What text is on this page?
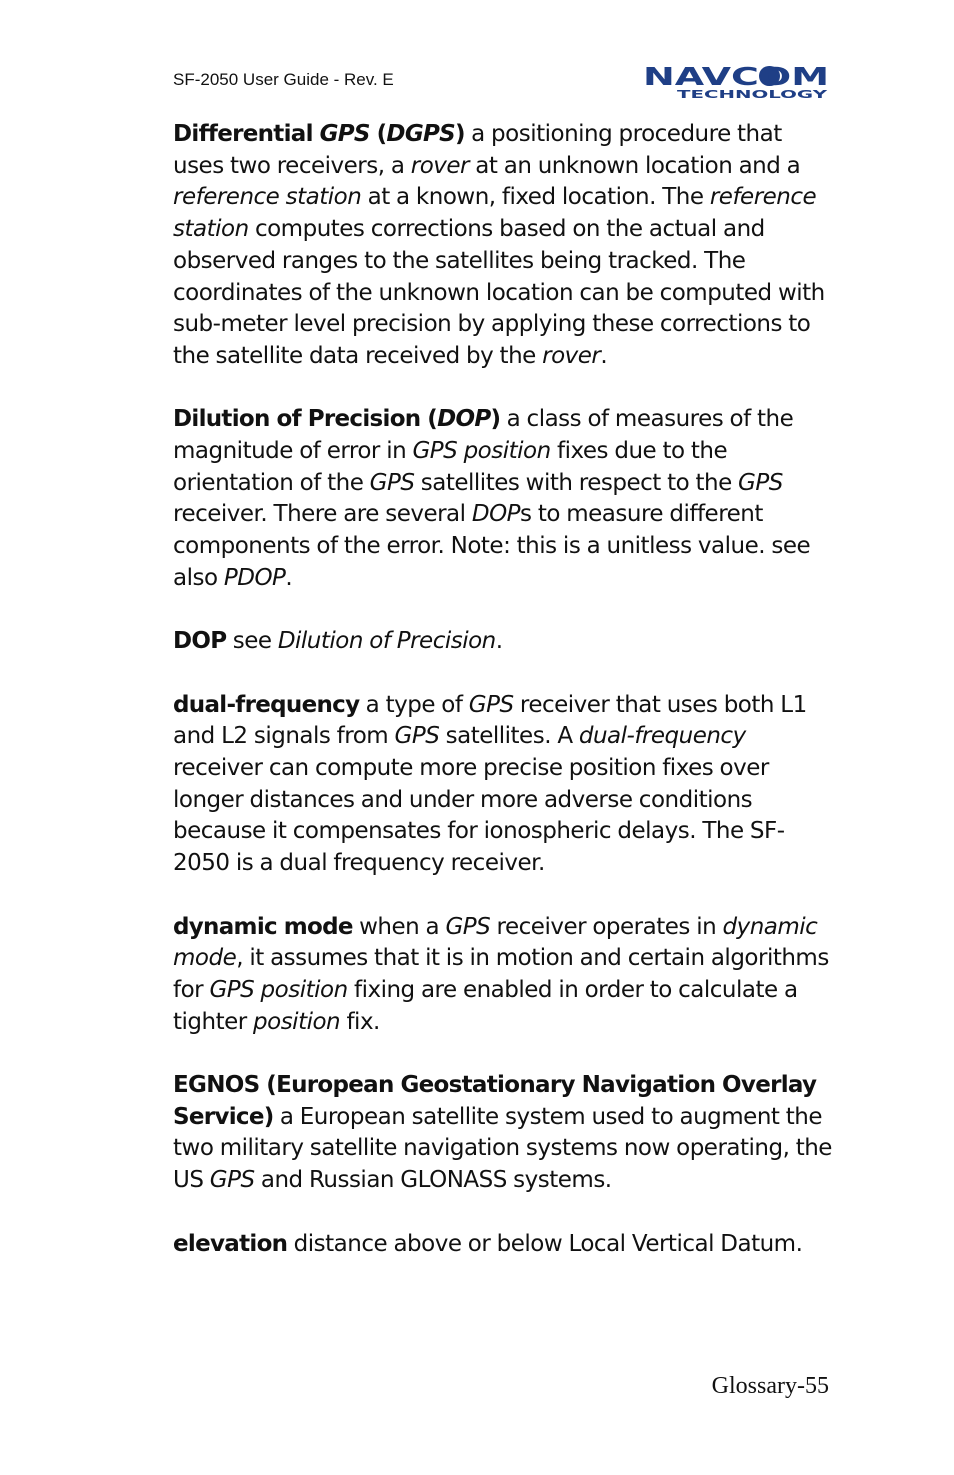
SF-2050 User Guide - Rev. E	NAVCOM
TECHNOLOGY

Differential GPS (DGPS) a positioning procedure that uses two receivers, a rover at an unknown location and a reference station at a known, fixed location. The reference station computes corrections based on the actual and observed ranges to the satellites being tracked. The coordinates of the unknown location can be computed with sub-meter level precision by applying these corrections to the satellite data received by the rover.

Dilution of Precision (DOP) a class of measures of the magnitude of error in GPS position fixes due to the orientation of the GPS satellites with respect to the GPS receiver. There are several DOPs to measure different components of the error. Note: this is a unitless value. see also PDOP.

DOP see Dilution of Precision.

dual-frequency a type of GPS receiver that uses both L1 and L2 signals from GPS satellites. A dual-frequency receiver can compute more precise position fixes over longer distances and under more adverse conditions because it compensates for ionospheric delays. The SF-2050 is a dual frequency receiver.

dynamic mode when a GPS receiver operates in dynamic mode, it assumes that it is in motion and certain algorithms for GPS position fixing are enabled in order to calculate a tighter position fix.

EGNOS (European Geostationary Navigation Overlay Service) a European satellite system used to augment the two military satellite navigation systems now operating, the US GPS and Russian GLONASS systems.

elevation distance above or below Local Vertical Datum.

Glossary-55
